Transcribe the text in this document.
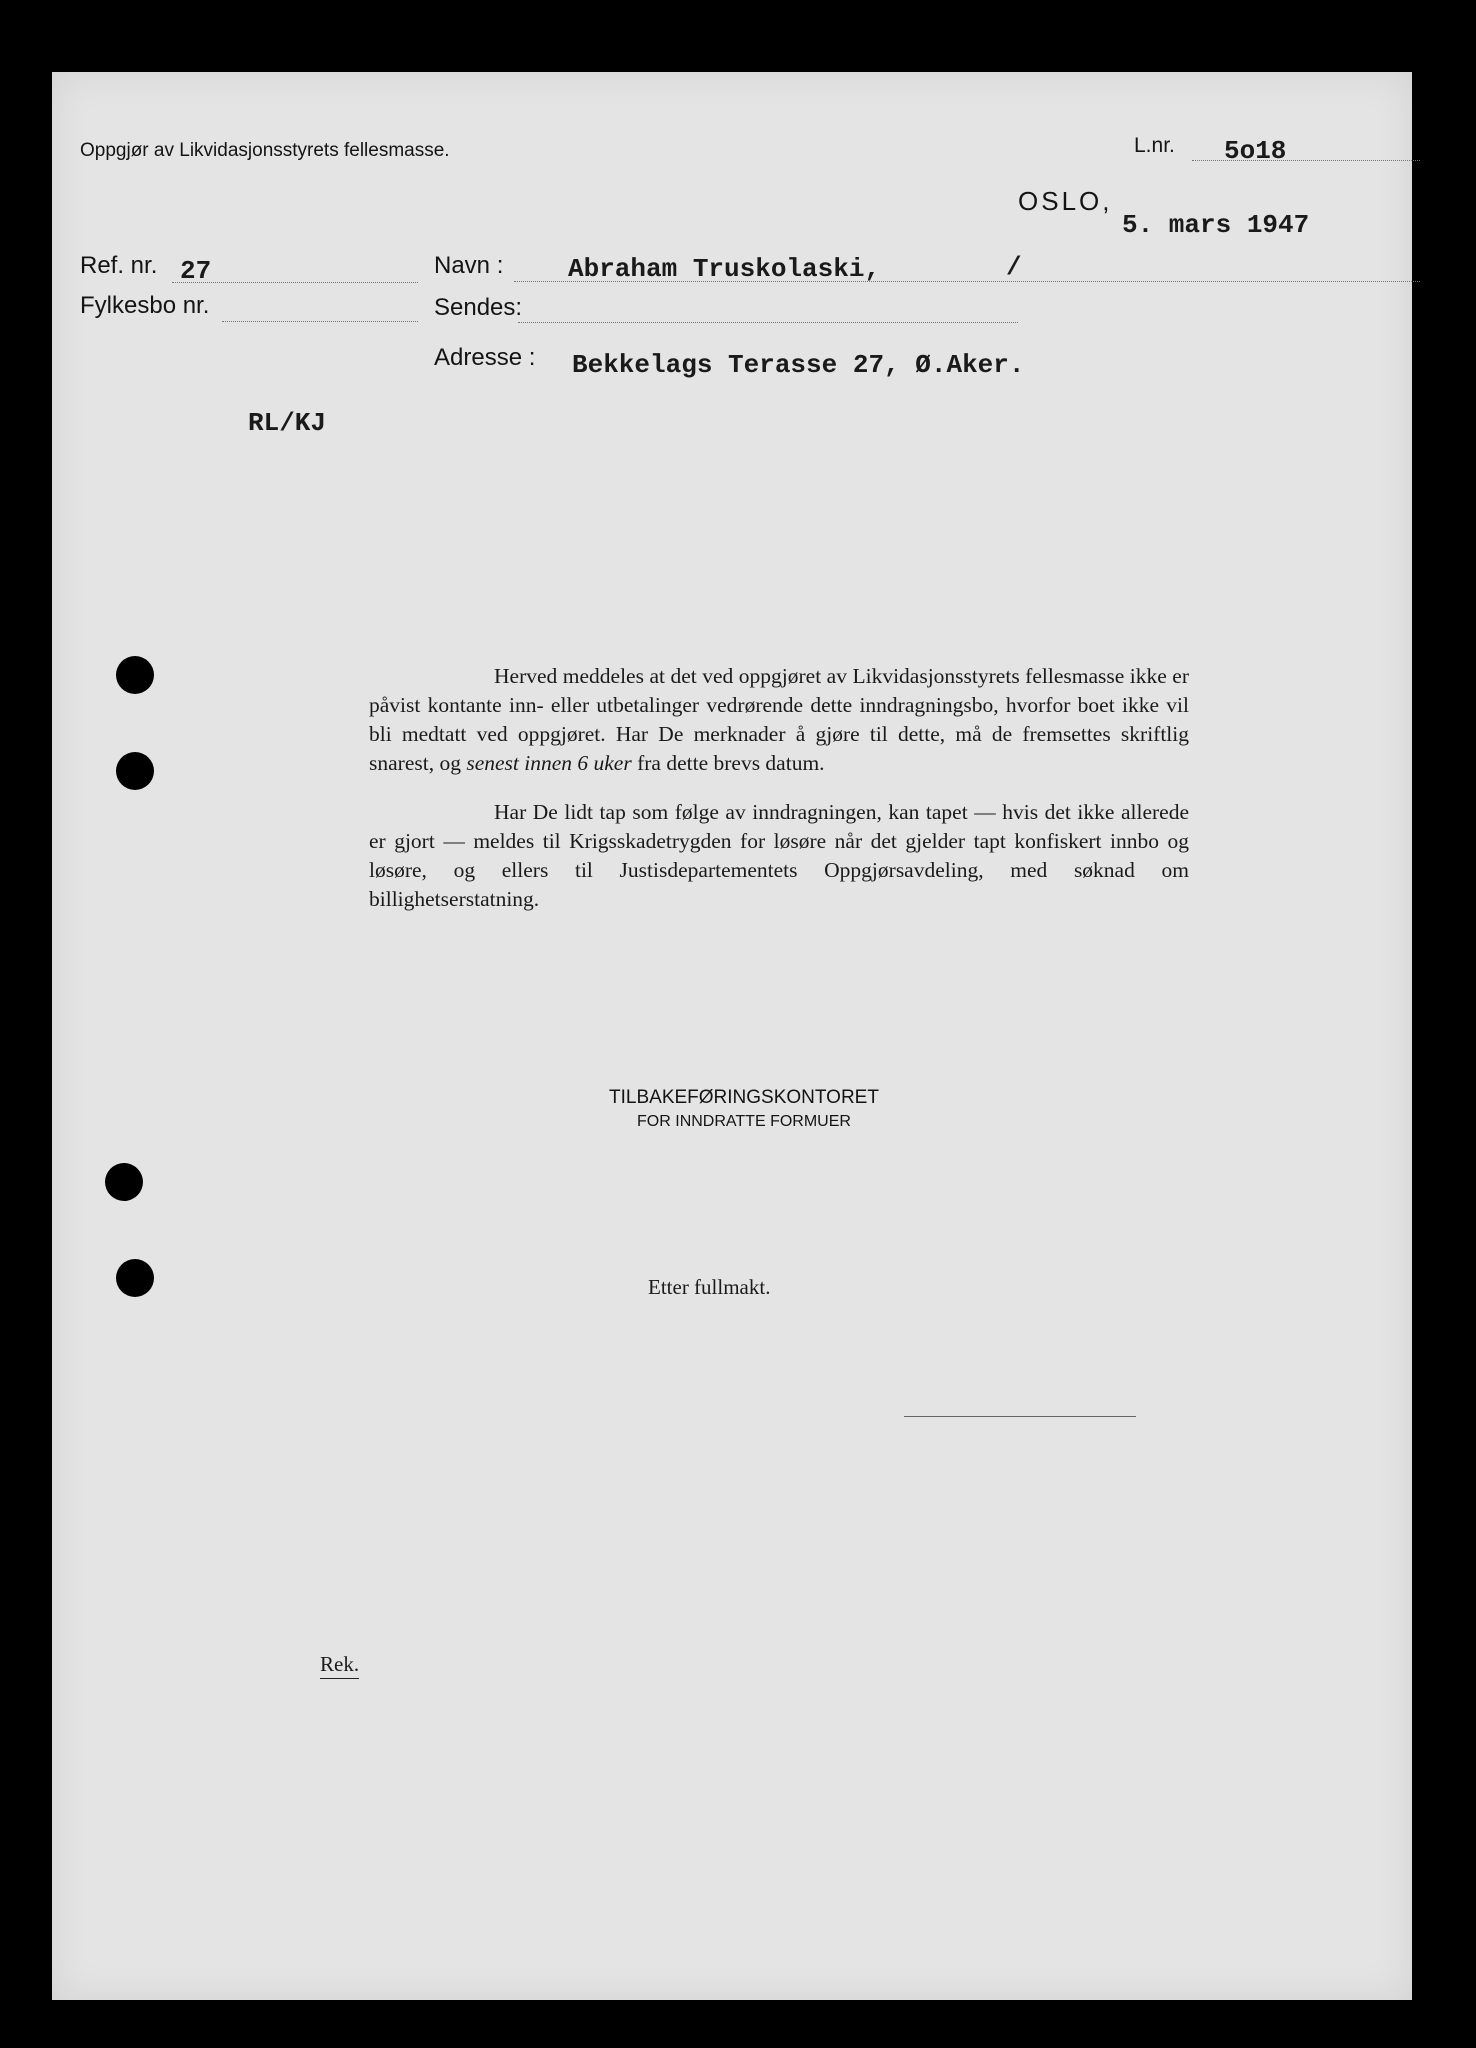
Oppgjør av Likvidasjonsstyrets fellesmasse.	L.nr. 5o18
OSLO,
5. mars 1947
Ref. nr. 27
Fylkesbo nr.
Navn : Abraham Truskolaski,	/
Sendes:
Adresse : Bekkelags Terasse 27, Ø.Aker.
RL/KJ

Herved meddeles at det ved oppgjøret av Likvidasjonsstyrets fellesmasse ikke er påvist kontante inn- eller utbetalinger vedrørende dette inndragningsbo, hvorfor boet ikke vil bli medtatt ved oppgjøret. Har De merknader å gjøre til dette, må de fremsettes skriftlig snarest, og senest innen 6 uker fra dette brevs datum.

Har De lidt tap som følge av inndragningen, kan tapet — hvis det ikke allerede er gjort — meldes til Krigsskadetrygden for løsøre når det gjelder tapt konfiskert innbo og løsøre, og ellers til Justisdepartementets Oppgjørsavdeling, med søknad om billighetserstatning.

TILBAKEFØRINGSKONTORET
FOR INNDRATTE FORMUER
Etter fullmakt.
Rek.
